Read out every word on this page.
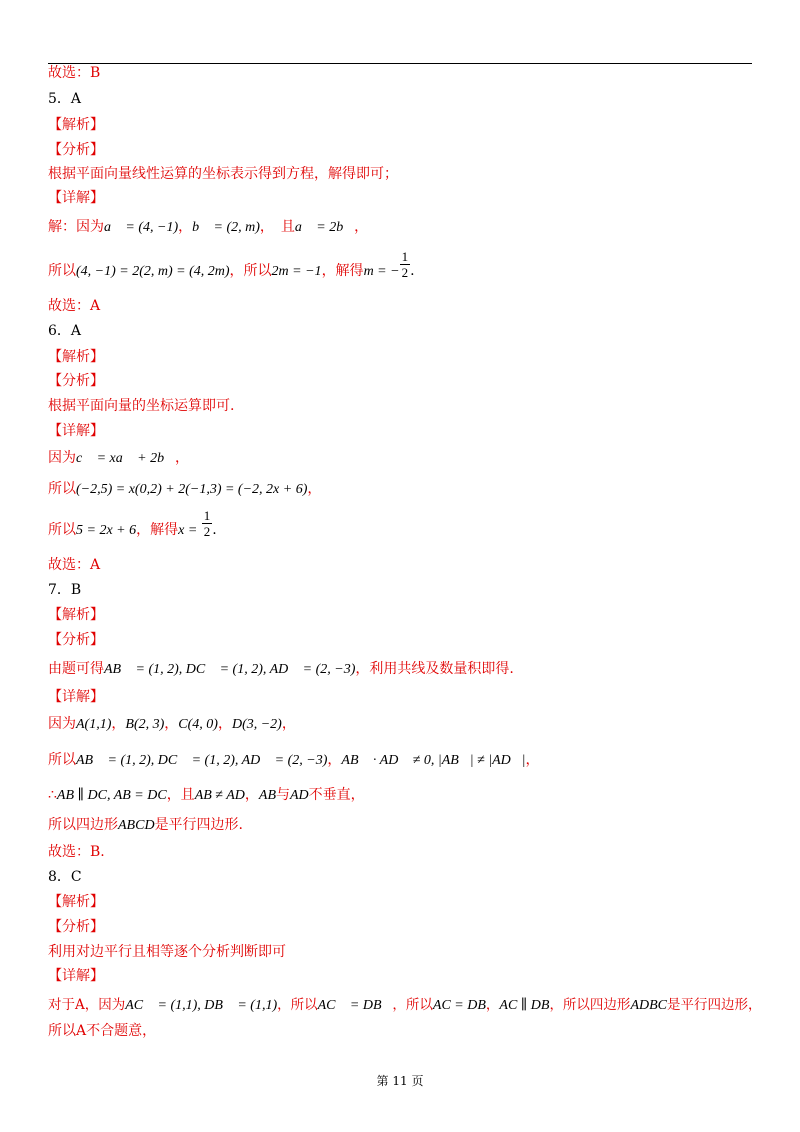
故选：B
5．A
【解析】
【分析】
根据平面向量线性运算的坐标表示得到方程，解得即可；
【详解】
解：因为a⃗ = (4, −1)，b⃗ = (2, m)，　且a⃗ = 2b⃗，
所以(4, −1) = 2(2, m) = (4, 2m)，所以2m = −1，解得m = − $\frac{1}{2}$ .
故选：A
6．A
【解析】
【分析】
根据平面向量的坐标运算即可.
【详解】
因为c⃗ = xa⃗ + 2b⃗，
所以(−2,5) = x(0,2) + 2(−1,3) = (−2, 2x + 6)，
所以5 = 2x + 6，解得$x = \frac{1}{2}$ .
故选：A
7．B
【解析】
【分析】
由题可得AB⃗ = (1, 2), DC⃗ = (1, 2), AD⃗ = (2, −3)，利用共线及数量积即得.
【详解】
因为A(1,1)，B(2, 3)，C(4, 0)，D(3, −2)，
所以AB⃗ = (1, 2), DC⃗ = (1, 2), AD⃗ = (2, −3)，AB⃗ · AD⃗ ≠ 0, |AB⃗| ≠ |AD⃗|，
∴AB ∥ DC, AB = DC，且AB ≠ AD，AB与AD不垂直，
所以四边形ABCD是平行四边形.
故选：B.
8．C
【解析】
【分析】
利用对边平行且相等逐个分析判断即可
【详解】
对于A，因为AC⃗ = (1,1), DB⃗ = (1,1)，所以AC⃗ = DB⃗，所以AC = DB，AC ∥ DB，所以四边形ADBC是平行四边形，
所以A不合题意，
第 11 页
